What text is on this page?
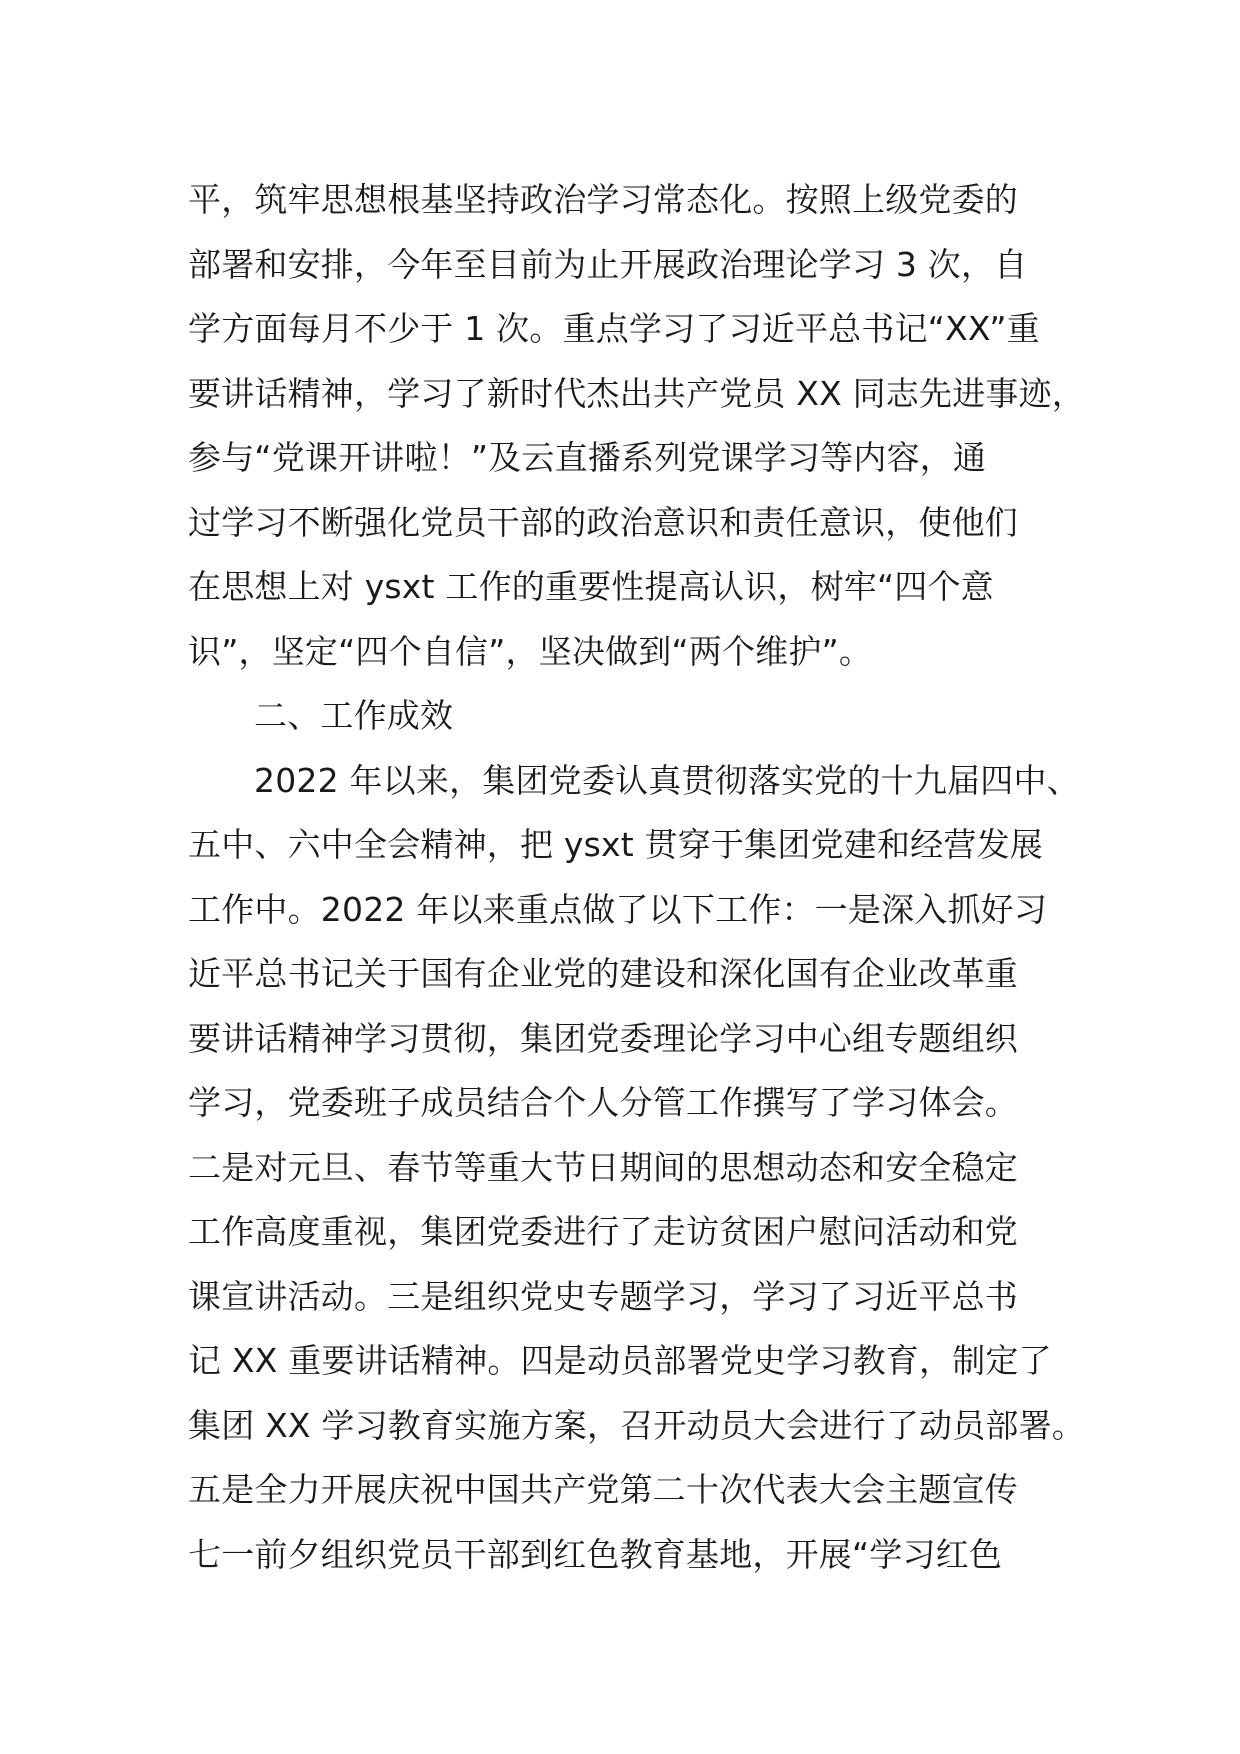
平，筑牢思想根基坚持政治学习常态化。按照上级党委的
部署和安排，今年至目前为止开展政治理论学习 3 次，自
学方面每月不少于 1 次。重点学习了习近平总书记“XX”重
要讲话精神，学习了新时代杰出共产党员 XX 同志先进事迹，
参与“党课开讲啦！”及云直播系列党课学习等内容，通
过学习不断强化党员干部的政治意识和责任意识，使他们
在思想上对 ysxt 工作的重要性提高认识，树牢“四个意
识”，坚定“四个自信”，坚决做到“两个维护”。
二、工作成效
2022 年以来，集团党委认真贯彻落实党的十九届四中、
五中、六中全会精神，把 ysxt 贯穿于集团党建和经营发展
工作中。2022 年以来重点做了以下工作：一是深入抓好习
近平总书记关于国有企业党的建设和深化国有企业改革重
要讲话精神学习贯彻，集团党委理论学习中心组专题组织
学习，党委班子成员结合个人分管工作撰写了学习体会。
二是对元旦、春节等重大节日期间的思想动态和安全稳定
工作高度重视，集团党委进行了走访贫困户慰问活动和党
课宣讲活动。三是组织党史专题学习，学习了习近平总书
记 XX 重要讲话精神。四是动员部署党史学习教育，制定了
集团 XX 学习教育实施方案，召开动员大会进行了动员部署。
五是全力开展庆祝中国共产党第二十次代表大会主题宣传
七一前夕组织党员干部到红色教育基地，开展“学习红色
